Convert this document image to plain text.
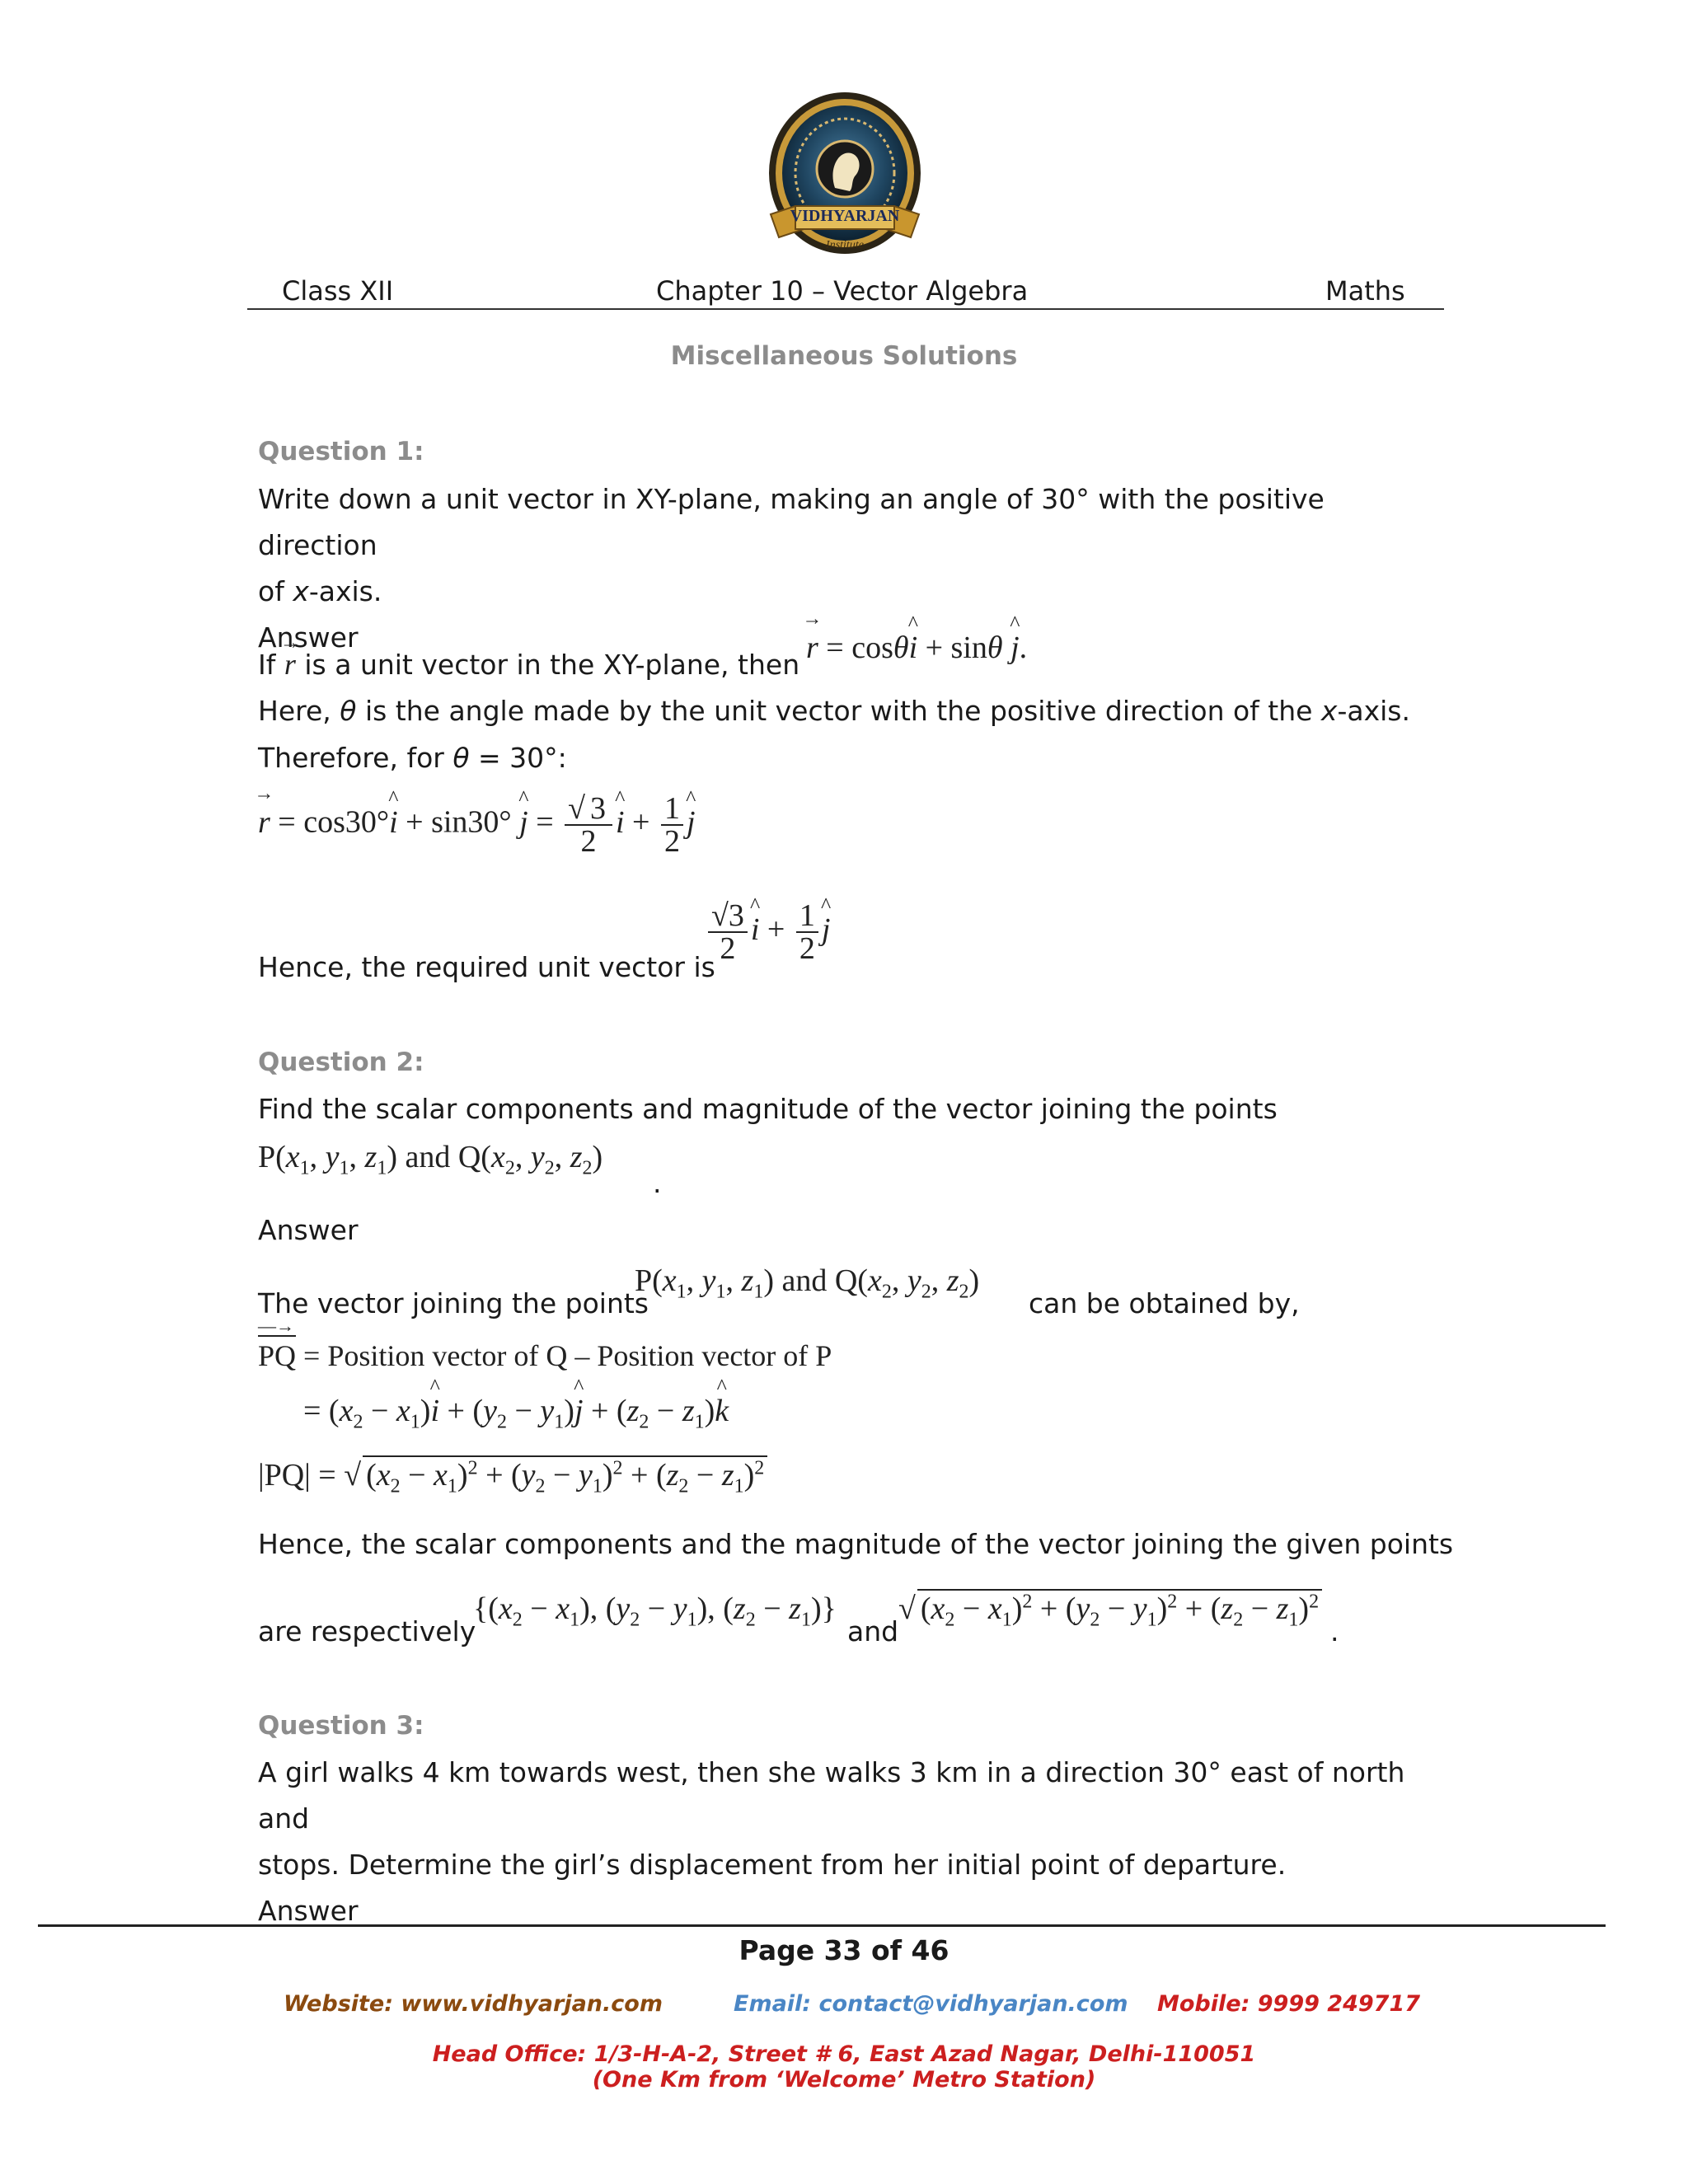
VIDHYARJAN
Institute
Class XII	Chapter 10 – Vector Algebra	Maths
Miscellaneous Solutions
Question 1:
Write down a unit vector in XY-plane, making an angle of 30° with the positive direction
of x-axis.
Answer
If r → is a unit vector in the XY-plane, then r → = cosθi ^ + sinθ j ^.
Here, θ is the angle made by the unit vector with the positive direction of the x-axis.
Therefore, for θ = 30°:
r → = cos30°i ^ + sin30° j ^ = $\frac{√ 3}{2}$ i ^ + $\frac{1}{2}$ j ^
Hence, the required unit vector is
$\frac{√3}{2}$ i ^ + $\frac{1}{2}$ j ^
Question 2:
Find the scalar components and magnitude of the vector joining the points
$P(x_1$, $y_1$, $z_1$) and $Q(x_2$, $y_2$, $z_2$)
.
Answer
The vector joining the points
$P(x_1$, $y_1$, $z_1$) and $Q(x_2$, $y_2$, $z_2$)
can be obtained by,
PQ
—→
= Position vector of Q – Position vector of P
= $(x_2 - x_1)i$ ^ + $(y_2 - y_1)j$ ^ + $(z_2 - z_1)k$ ^
|PQ| = √ $(x_2 - x_1)^2 + (y_2 - y_1)^2 + (z_2 - z_1)^2$
Hence, the scalar components and the magnitude of the vector joining the given points
are respectively
{$(x_2 - x_1)$, $(y_2 - y_1)$, $(z_2 - z_1)$}
and
√ $(x_2 - x_1)^2 + (y_2 - y_1)^2 + (z_2 - z_1)^2$
.
Question 3:
A girl walks 4 km towards west, then she walks 3 km in a direction 30° east of north and
stops. Determine the girl’s displacement from her initial point of departure.
Answer
Page 33 of 46
Website: www.vidhyarjan.com	Email: contact@vidhyarjan.com Mobile: 9999 249717
Head Office: 1/3-H-A-2, Street # 6, East Azad Nagar, Delhi-110051
(One Km from ‘Welcome’ Metro Station)
